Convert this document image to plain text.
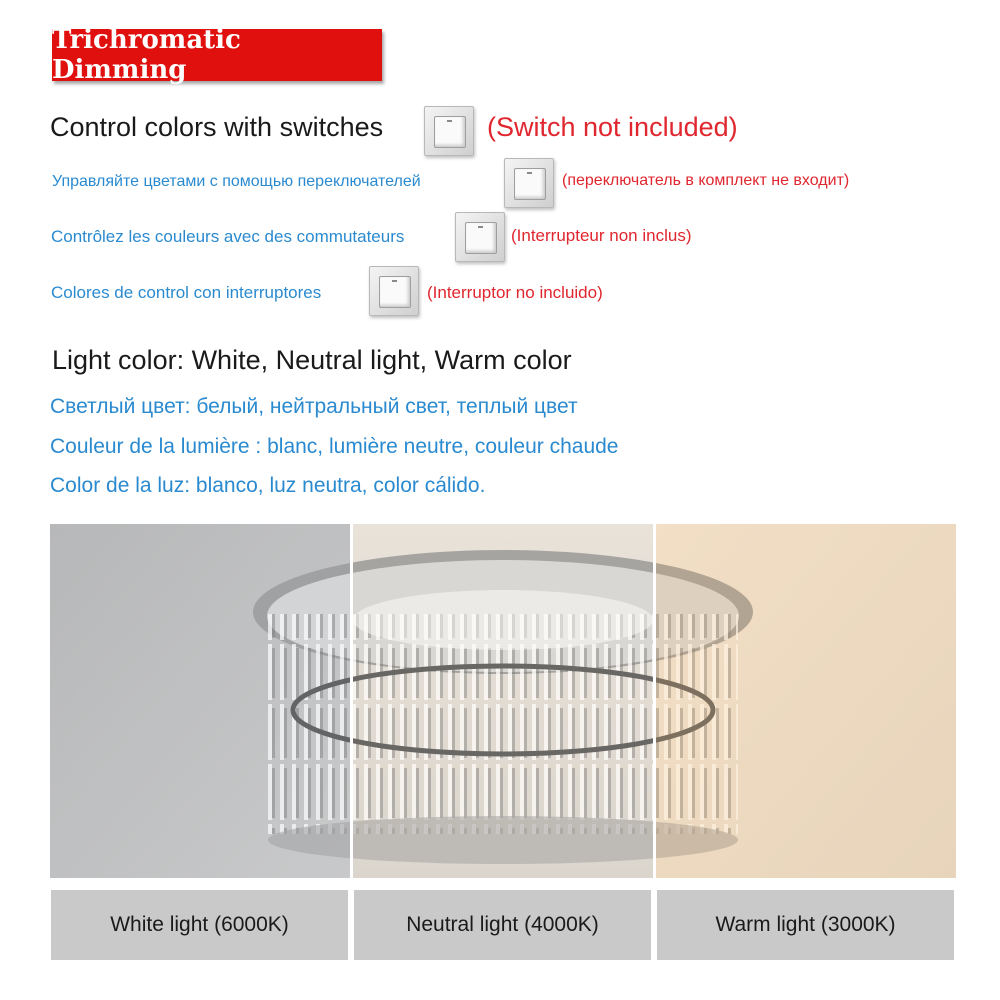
Trichromatic Dimming
Control colors with switches	(Switch not included)
Управляйте цветами с помощью переключателей	(переключатель в комплект не входит)
Contrôlez les couleurs avec des commutateurs	(Interrupteur non inclus)
Colores de control con interruptores	(Interruptor no incluido)
Light color: White, Neutral light, Warm color
Светлый цвет: белый, нейтральный свет, теплый цвет
Couleur de la lumière : blanc, lumière neutre, couleur chaude
Color de la luz: blanco, luz neutra, color cálido.
White light (6000K)	Neutral light (4000K)	Warm light (3000K)
